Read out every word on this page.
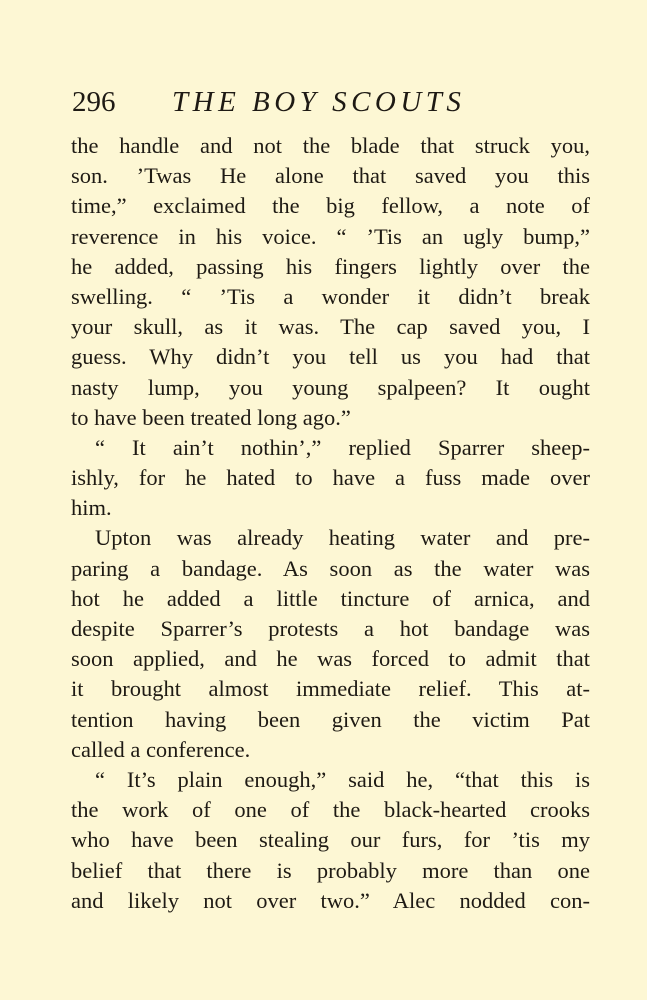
296 THE BOY SCOUTS
the handle and not the blade that struck you,
son. ’Twas He alone that saved you this
time,” exclaimed the big fellow, a note of
reverence in his voice. “ ’Tis an ugly bump,”
he added, passing his fingers lightly over the
swelling. “ ’Tis a wonder it didn’t break
your skull, as it was. The cap saved you, I
guess. Why didn’t you tell us you had that
nasty lump, you young spalpeen? It ought
to have been treated long ago.”
“ It ain’t nothin’,” replied Sparrer sheep-
ishly, for he hated to have a fuss made over
him.
Upton was already heating water and pre-
paring a bandage. As soon as the water was
hot he added a little tincture of arnica, and
despite Sparrer’s protests a hot bandage was
soon applied, and he was forced to admit that
it brought almost immediate relief. This at-
tention having been given the victim Pat
called a conference.
“ It’s plain enough,” said he, “that this is
the work of one of the black-hearted crooks
who have been stealing our furs, for ’tis my
belief that there is probably more than one
and likely not over two.” Alec nodded con-
